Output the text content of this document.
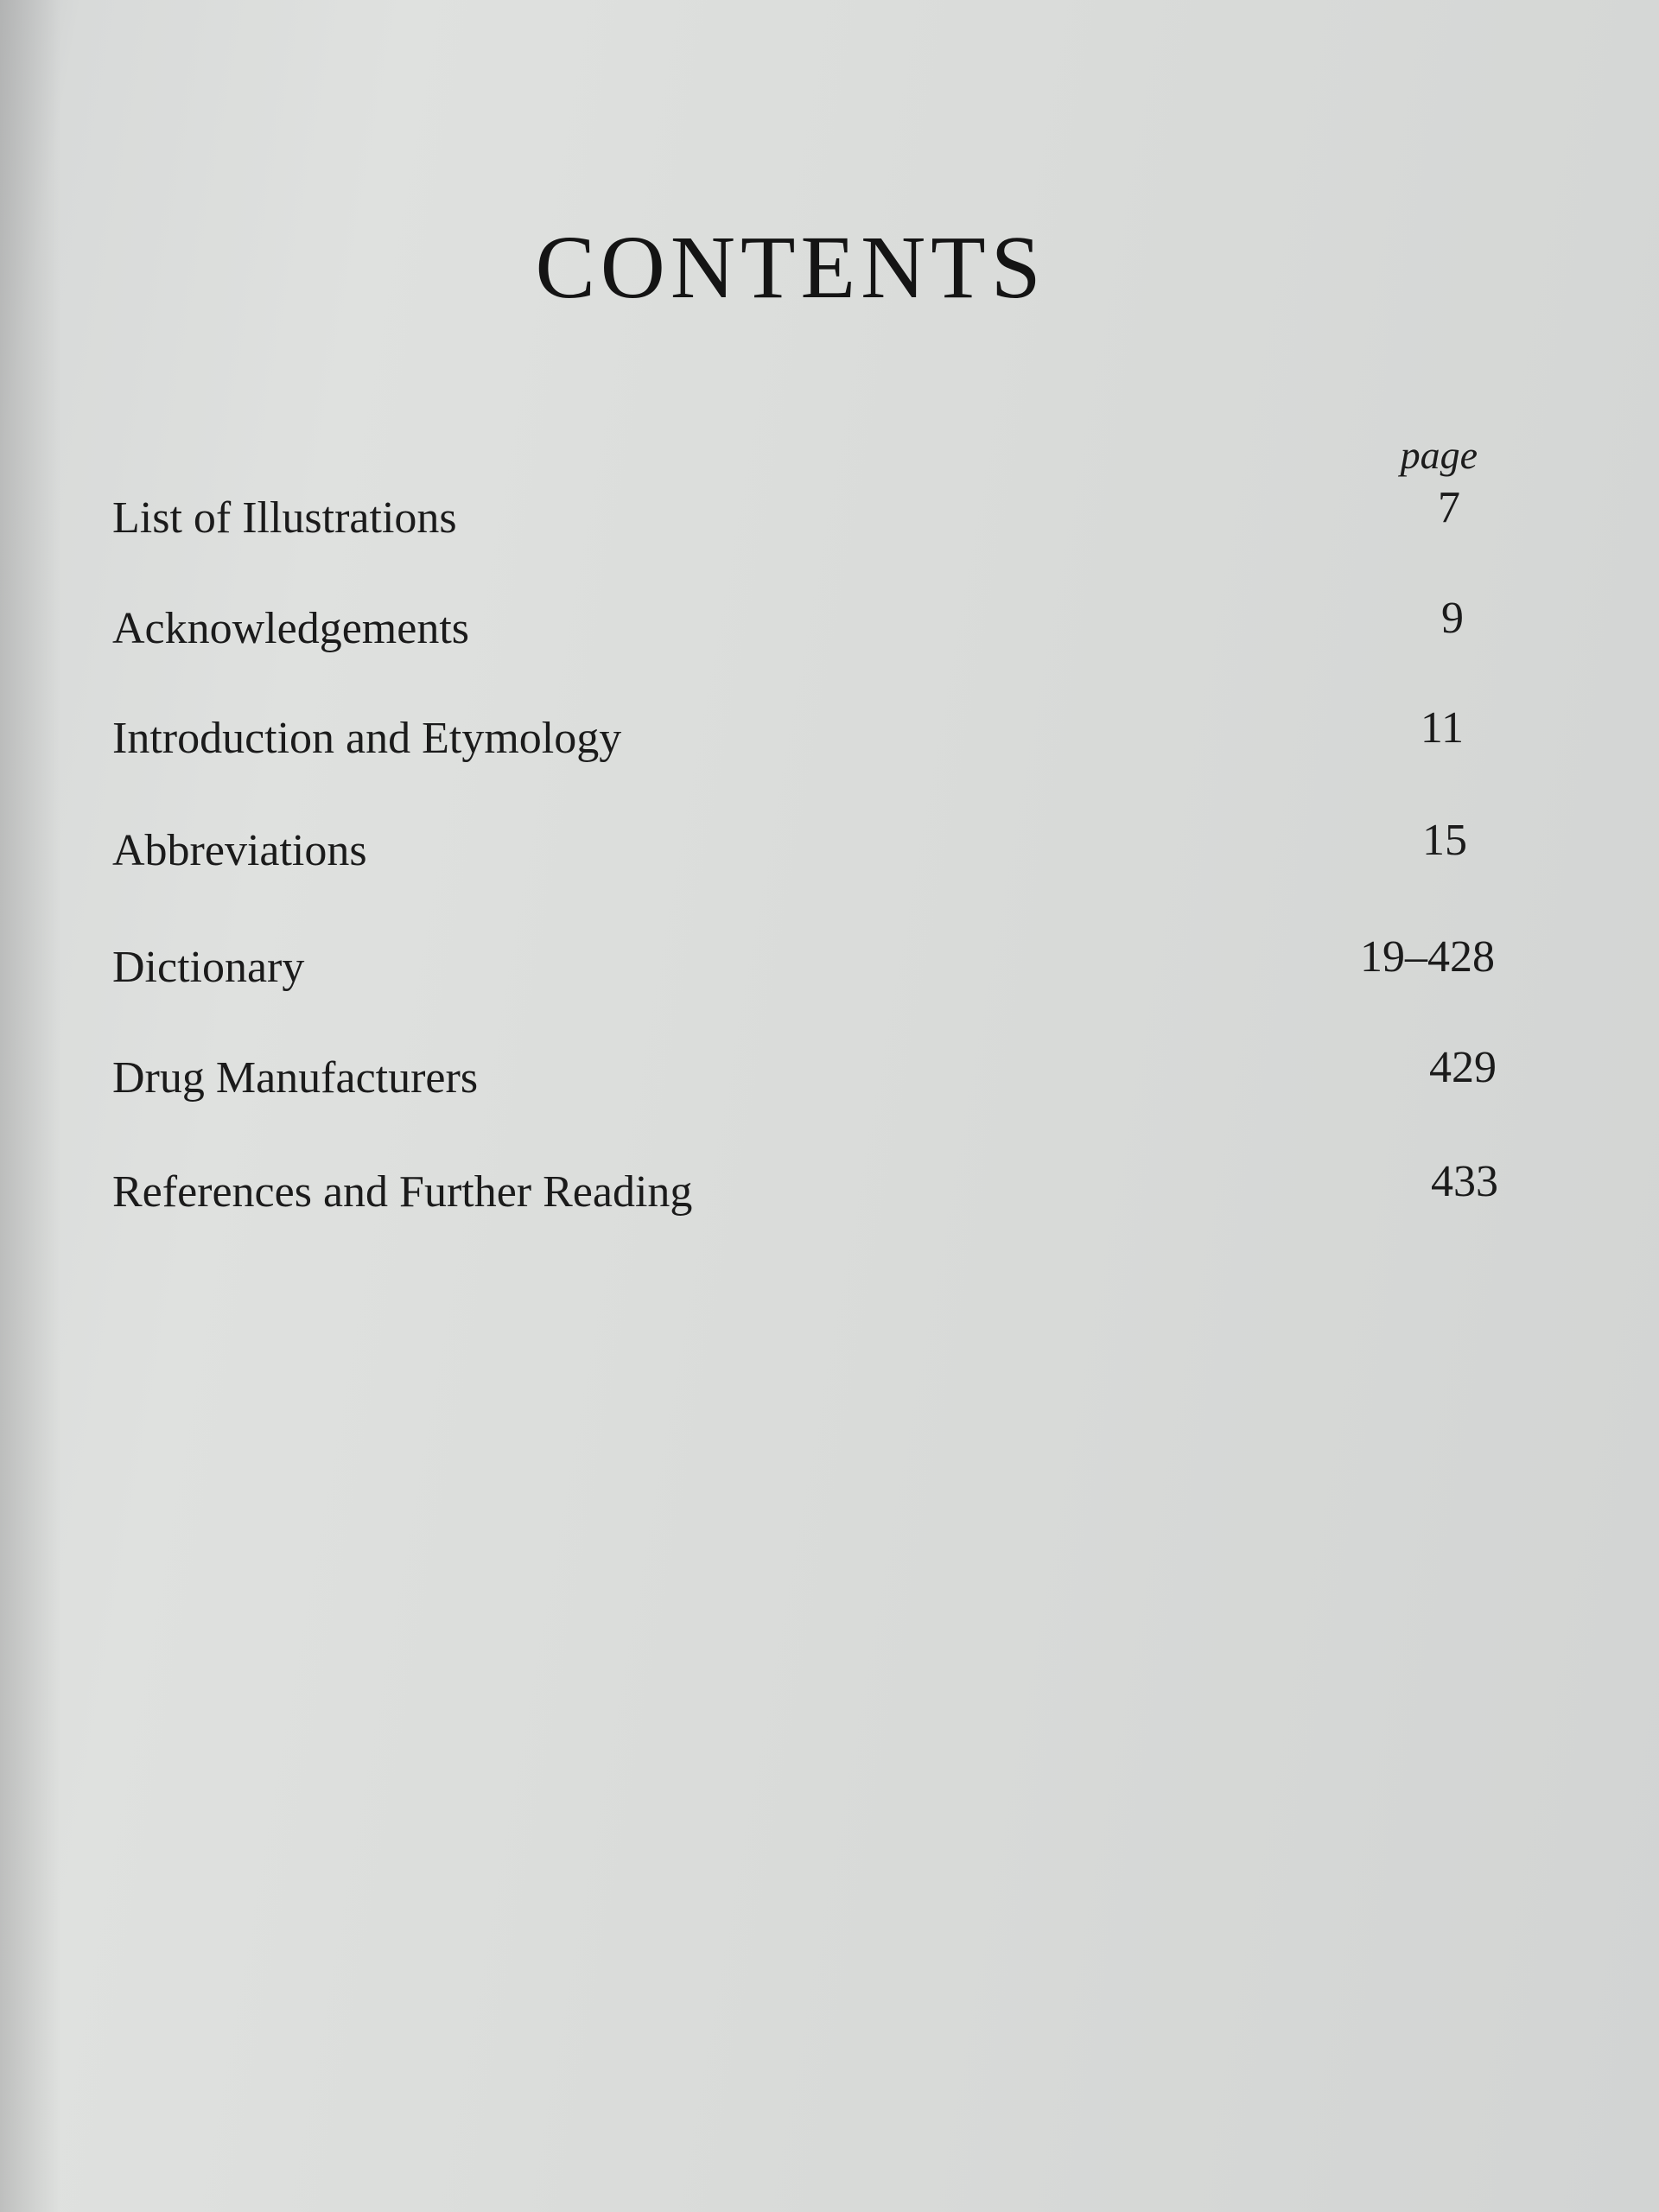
CONTENTS
page
List of Illustrations	7
Acknowledgements	9
Introduction and Etymology	11
Abbreviations	15
Dictionary	19–428
Drug Manufacturers	429
References and Further Reading	433
